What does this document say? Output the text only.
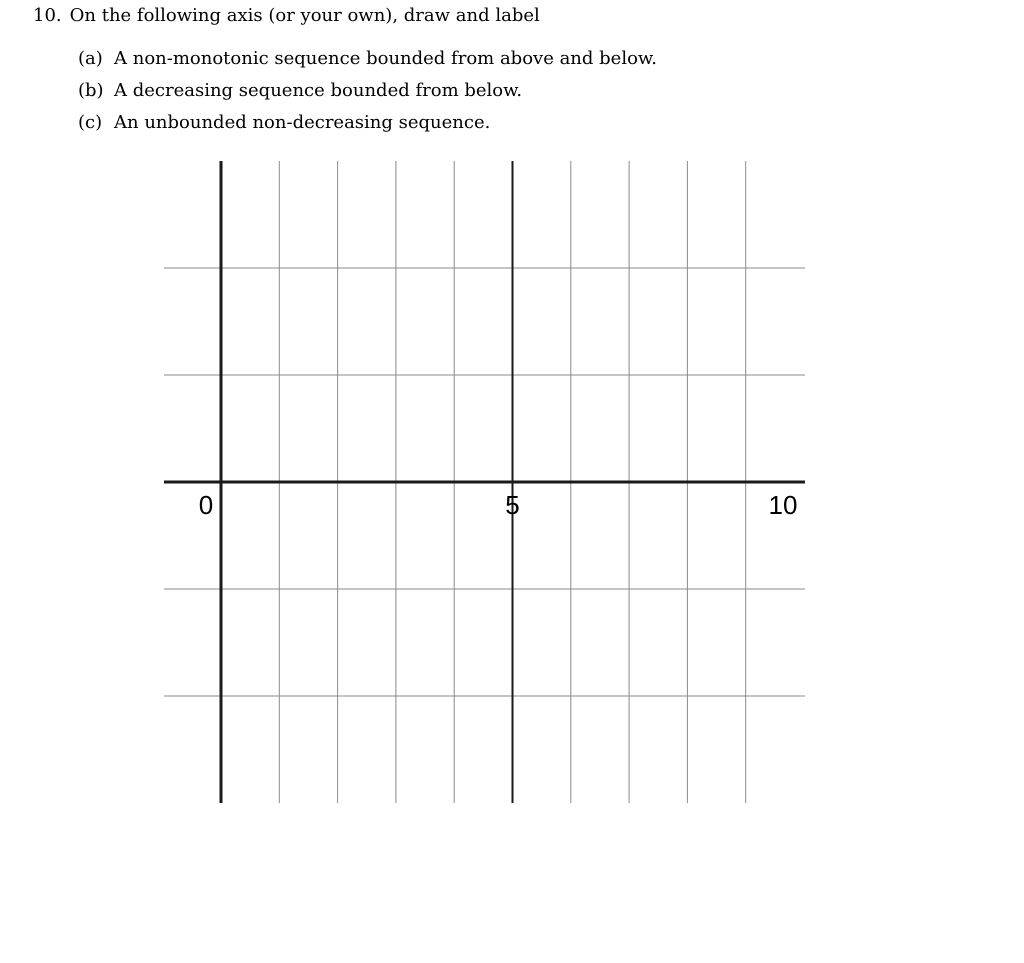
10. On the following axis (or your own), draw and label
(a) A non-monotonic sequence bounded from above and below.
(b) A decreasing sequence bounded from below.
(c) An unbounded non-decreasing sequence.
0	5	10
